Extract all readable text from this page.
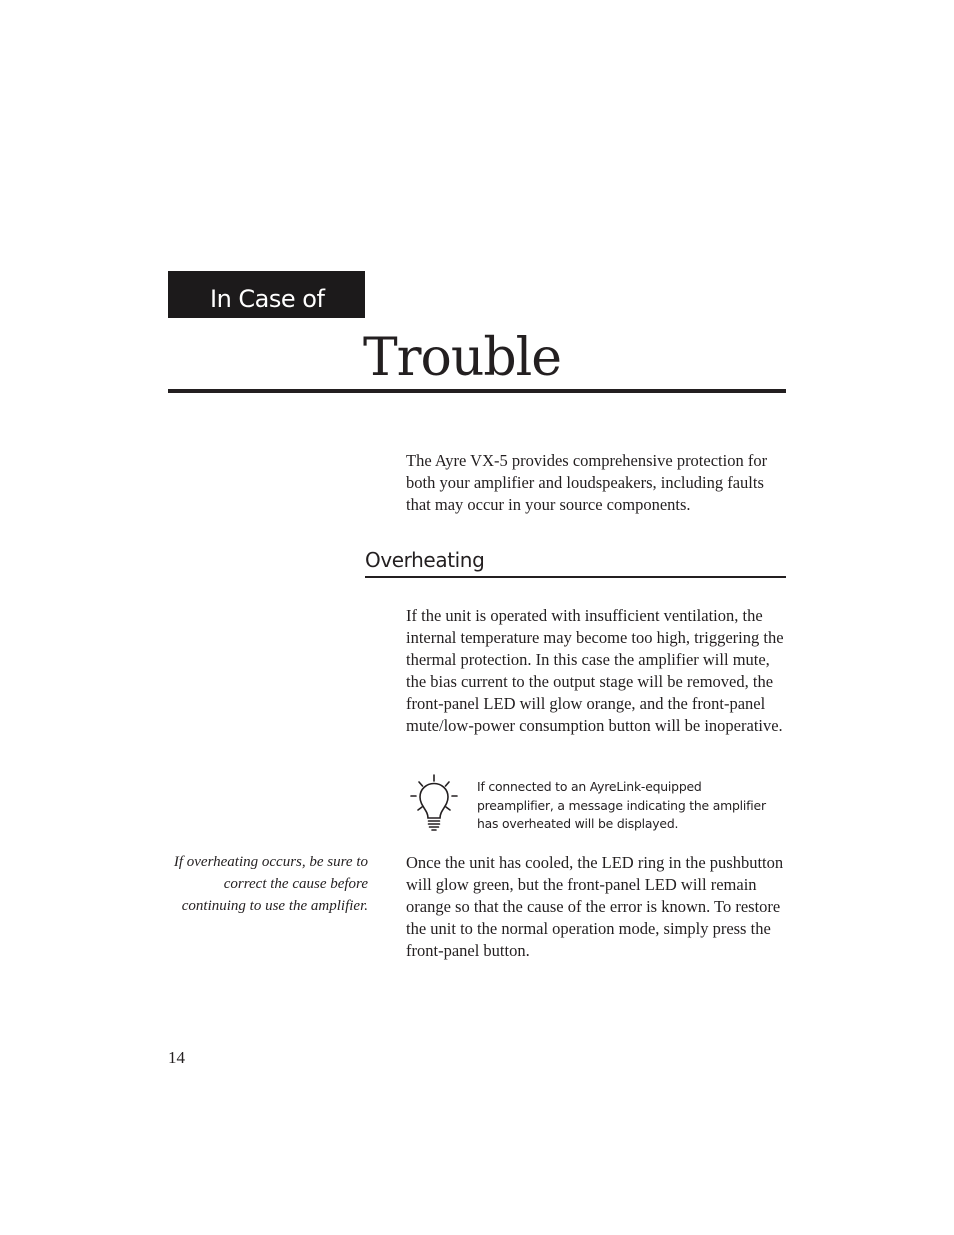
In Case of
Trouble

The Ayre VX-5 provides comprehensive protection for both your amplifier and loudspeakers, including faults that may occur in your source components.

Overheating

If the unit is operated with insufficient ventilation, the internal temperature may become too high, triggering the thermal protection. In this case the amplifier will mute, the bias current to the output stage will be removed, the front-panel LED will glow orange, and the front-panel mute/low-power consumption button will be inoperative.

If connected to an AyreLink-equipped preamplifier, a message indicating the amplifier has overheated will be displayed.

If overheating occurs, be sure to correct the cause before continuing to use the amplifier.

Once the unit has cooled, the LED ring in the pushbutton will glow green, but the front-panel LED will remain orange so that the cause of the error is known. To restore the unit to the normal operation mode, simply press the front-panel button.

14
